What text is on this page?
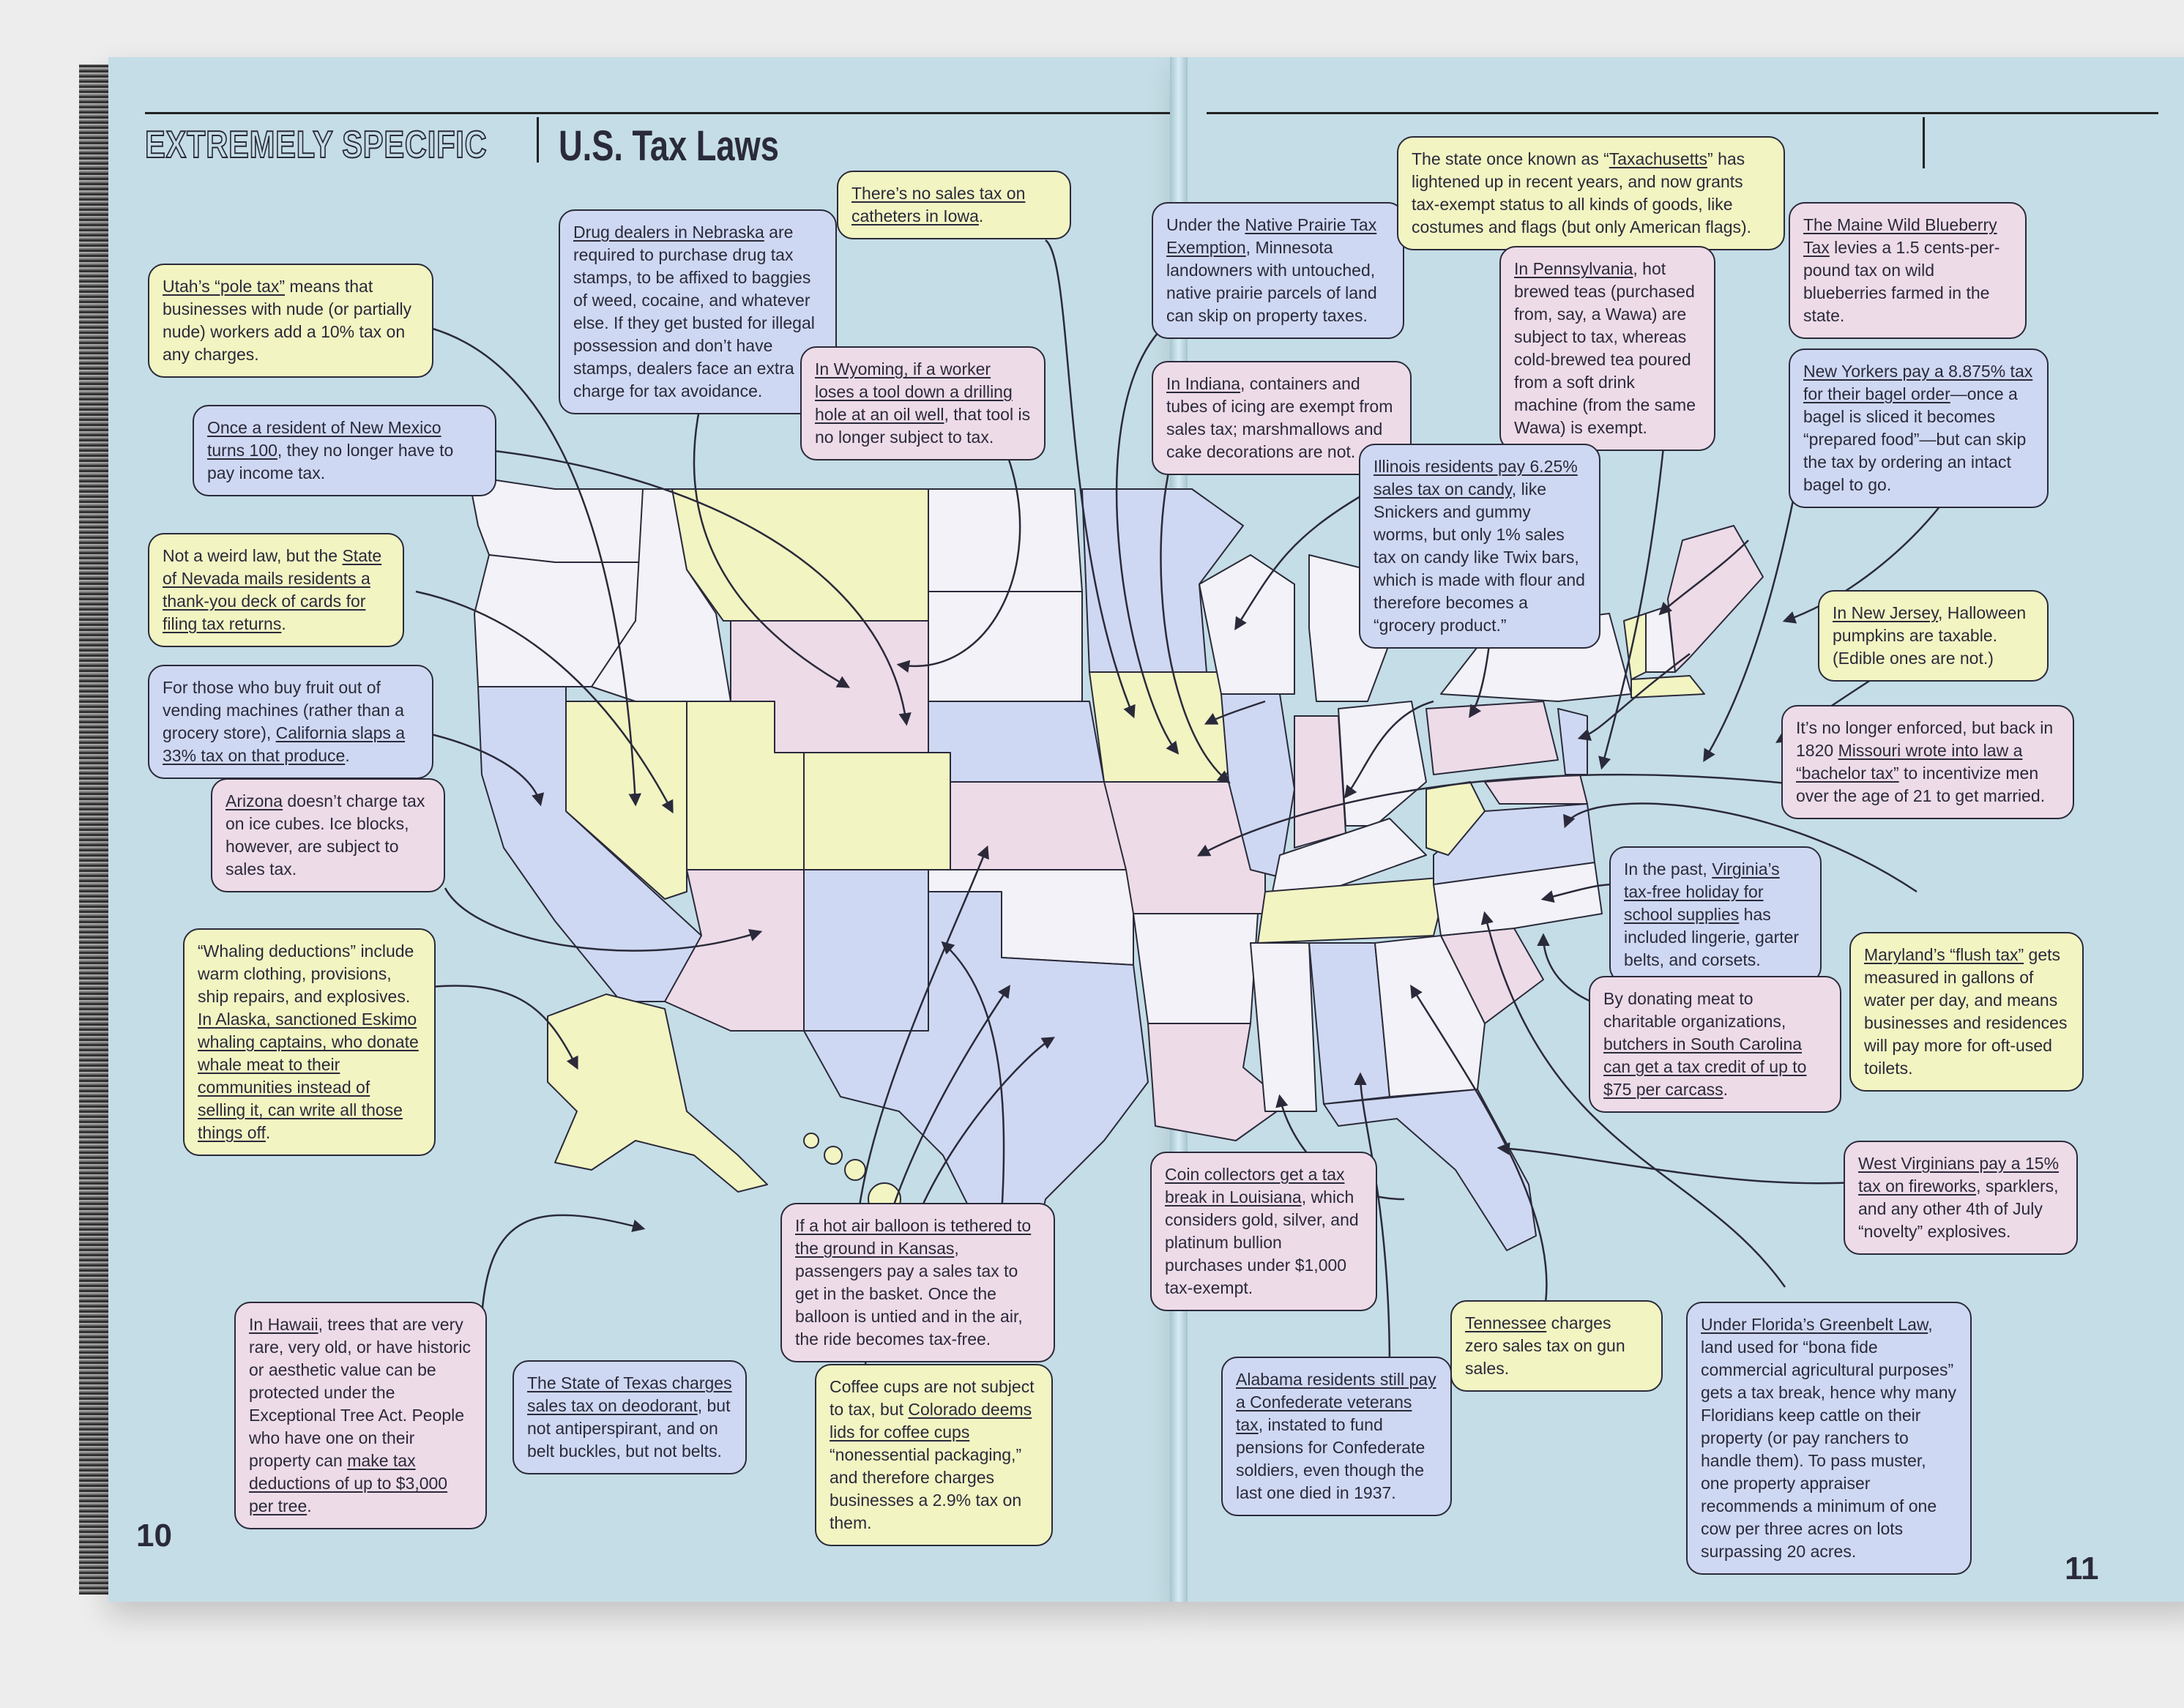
EXTREMELY SPECIFIC U.S. Tax Laws
10
11
Utah’s “pole tax” means that businesses with nude (or partially nude) workers add a 10% tax on any charges.
Drug dealers in Nebraska are required to purchase drug tax stamps, to be affixed to baggies of weed, cocaine, and whatever else. If they get busted for illegal possession and don’t have stamps, dealers face an extra charge for tax avoidance.
There’s no sales tax on catheters in Iowa.
Once a resident of New Mexico turns 100, they no longer have to pay income tax.
In Wyoming, if a worker loses a tool down a drilling hole at an oil well, that tool is no longer subject to tax.
Not a weird law, but the State of Nevada mails residents a thank-you deck of cards for filing tax returns.
For those who buy fruit out of vending machines (rather than a grocery store), California slaps a 33% tax on that produce.
Arizona doesn’t charge tax on ice cubes. Ice blocks, however, are subject to sales tax.
“Whaling deductions” include warm clothing, provisions, ship repairs, and explosives. In Alaska, sanctioned Eskimo whaling captains, who donate whale meat to their communities instead of selling it, can write all those things off.
In Hawaii, trees that are very rare, very old, or have historic or aesthetic value can be protected under the Exceptional Tree Act. People who have one on their property can make tax deductions of up to $3,000 per tree.
The State of Texas charges sales tax on deodorant, but not antiperspirant, and on belt buckles, but not belts.
If a hot air balloon is tethered to the ground in Kansas, passengers pay a sales tax to get in the basket. Once the balloon is untied and in the air, the ride becomes tax-free.
Coffee cups are not subject to tax, but Colorado deems lids for coffee cups “nonessential packaging,” and therefore charges businesses a 2.9% tax on them.
Under the Native Prairie Tax Exemption, Minnesota landowners with untouched, native prairie parcels of land can skip on property taxes.
The state once known as “Taxachusetts” has lightened up in recent years, and now grants tax-exempt status to all kinds of goods, like costumes and flags (but only American flags).	The Maine Wild Blueberry Tax levies a 1.5 cents-per-pound tax on wild blueberries farmed in the state.
In Indiana, containers and tubes of icing are exempt from sales tax; marshmallows and cake decorations are not.
In Pennsylvania, hot brewed teas (purchased from, say, a Wawa) are subject to tax, whereas cold-brewed tea poured from a soft drink machine (from the same Wawa) is exempt.
New Yorkers pay a 8.875% tax for their bagel order—once a bagel is sliced it becomes “prepared food”—but can skip the tax by ordering an intact bagel to go.
Illinois residents pay 6.25% sales tax on candy, like Snickers and gummy worms, but only 1% sales tax on candy like Twix bars, which is made with flour and therefore becomes a “grocery product.”
In New Jersey, Halloween pumpkins are taxable. (Edible ones are not.)
It’s no longer enforced, but back in 1820 Missouri wrote into law a “bachelor tax” to incentivize men over the age of 21 to get married.
In the past, Virginia’s tax-free holiday for school supplies has included lingerie, garter belts, and corsets.	Maryland’s “flush tax” gets measured in gallons of water per day, and means businesses and residences will pay more for oft-used toilets.
By donating meat to charitable organizations, butchers in South Carolina can get a tax credit of up to $75 per carcass.
West Virginians pay a 15% tax on fireworks, sparklers, and any other 4th of July “novelty” explosives.
Coin collectors get a tax break in Louisiana, which considers gold, silver, and platinum bullion purchases under $1,000 tax-exempt.
Tennessee charges zero sales tax on gun sales.
Alabama residents still pay a Confederate veterans tax, instated to fund pensions for Confederate soldiers, even though the last one died in 1937.
Under Florida’s Greenbelt Law, land used for “bona fide commercial agricultural purposes” gets a tax break, hence why many Floridians keep cattle on their property (or pay ranchers to handle them). To pass muster, one property appraiser recommends a minimum of one cow per three acres on lots surpassing 20 acres.
